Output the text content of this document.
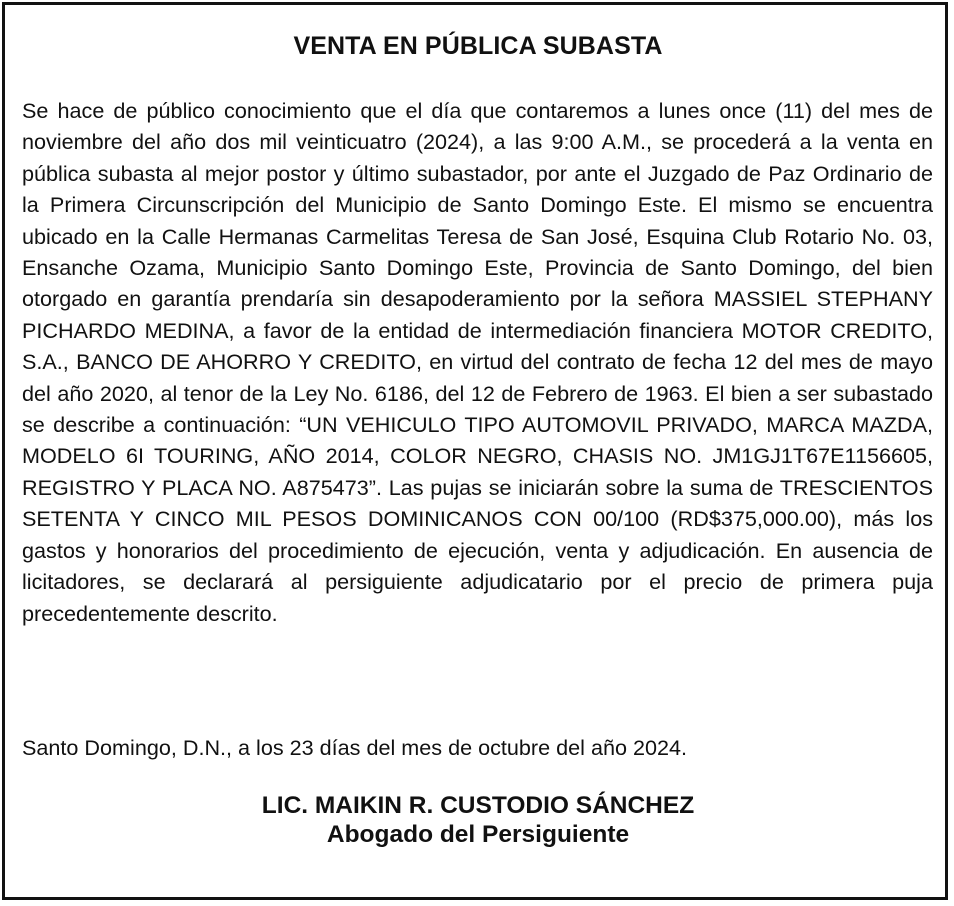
VENTA EN PÚBLICA SUBASTA

Se hace de público conocimiento que el día que contaremos a lunes once (11) del mes de noviembre del año dos mil veinticuatro (2024), a las 9:00 A.M., se procederá a la venta en pública subasta al mejor postor y último subastador, por ante el Juzgado de Paz Ordinario de la Primera Circunscripción del Municipio de Santo Domingo Este. El mismo se encuentra ubicado en la Calle Hermanas Carmelitas Teresa de San José, Esquina Club Rotario No. 03, Ensanche Ozama, Municipio Santo Domingo Este, Provincia de Santo Domingo, del bien otorgado en garantía prendaría sin desapoderamiento por la señora MASSIEL STEPHANY PICHARDO MEDINA, a favor de la entidad de intermediación financiera MOTOR CREDITO, S.A., BANCO DE AHORRO Y CREDITO, en virtud del contrato de fecha 12 del mes de mayo del año 2020, al tenor de la Ley No. 6186, del 12 de Febrero de 1963. El bien a ser subastado se describe a continuación: “UN VEHICULO TIPO AUTOMOVIL PRIVADO, MARCA MAZDA, MODELO 6I TOURING, AÑO 2014, COLOR NEGRO, CHASIS NO. JM1GJ1T67E1156605, REGISTRO Y PLACA NO. A875473”. Las pujas se iniciarán sobre la suma de TRESCIENTOS SETENTA Y CINCO MIL PESOS DOMINICANOS CON 00/100 (RD$375,000.00), más los gastos y honorarios del procedimiento de ejecución, venta y adjudicación. En ausencia de licitadores, se declarará al persiguiente adjudicatario por el precio de primera puja precedentemente descrito.

Santo Domingo, D.N., a los 23 días del mes de octubre del año 2024.

LIC. MAIKIN R. CUSTODIO SÁNCHEZ
Abogado del Persiguiente
